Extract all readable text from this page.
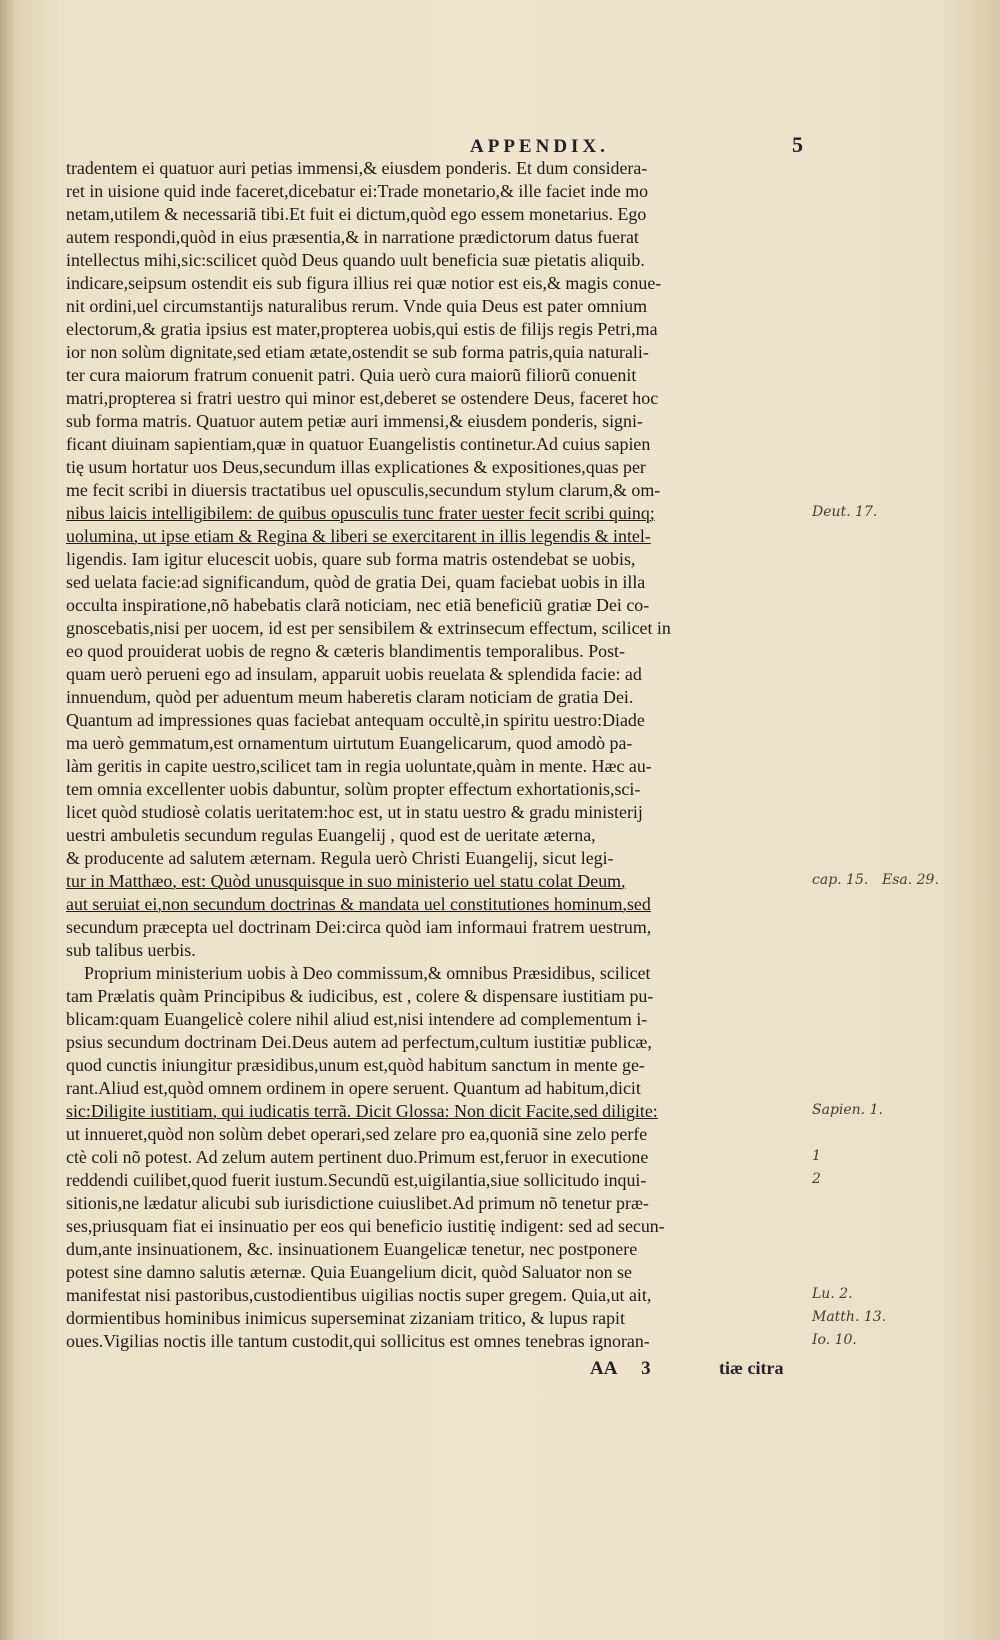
APPENDIX.	5
tradentem ei quatuor auri petias immensi,& eiusdem ponderis. Et dum considera-
ret in uisione quid inde faceret,dicebatur ei:Trade monetario,& ille faciet inde mo
netam,utilem & necessariã tibi.Et fuit ei dictum,quòd ego essem monetarius. Ego
autem respondi,quòd in eius præsentia,& in narratione prædictorum datus fuerat
intellectus mihi,sic:scilicet quòd Deus quando uult beneficia suæ pietatis aliquib.
indicare,seipsum ostendit eis sub figura illius rei quæ notior est eis,& magis conue-
nit ordini,uel circumstantijs naturalibus rerum. Vnde quia Deus est pater omnium
electorum,& gratia ipsius est mater,propterea uobis,qui estis de filijs regis Petri,ma
ior non solùm dignitate,sed etiam ætate,ostendit se sub forma patris,quia naturali-
ter cura maiorum fratrum conuenit patri. Quia uerò cura maiorũ filiorũ conuenit
matri,propterea si fratri uestro qui minor est,deberet se ostendere Deus, faceret hoc
sub forma matris. Quatuor autem petiæ auri immensi,& eiusdem ponderis, signi-
ficant diuinam sapientiam,quæ in quatuor Euangelistis continetur.Ad cuius sapien
tię usum hortatur uos Deus,secundum illas explicationes & expositiones,quas per
me fecit scribi in diuersis tractatibus uel opusculis,secundum stylum clarum,& om-
nibus laicis intelligibilem: de quibus opusculis tunc frater uester fecit scribi quinq;
uolumina, ut ipse etiam & Regina & liberi se exercitarent in illis legendis & intel-
ligendis. Iam igitur elucescit uobis, quare sub forma matris ostendebat se uobis,
sed uelata facie:ad significandum, quòd de gratia Dei, quam faciebat uobis in illa
occulta inspiratione,nõ habebatis clarã noticiam, nec etiã beneficiũ gratiæ Dei co-
gnoscebatis,nisi per uocem, id est per sensibilem & extrinsecum effectum, scilicet in
eo quod prouiderat uobis de regno & cæteris blandimentis temporalibus. Post-
quam uerò perueni ego ad insulam, apparuit uobis reuelata & splendida facie: ad
innuendum, quòd per aduentum meum haberetis claram noticiam de gratia Dei.
Quantum ad impressiones quas faciebat antequam occultè,in spiritu uestro:Diade
ma uerò gemmatum,est ornamentum uirtutum Euangelicarum, quod amodò pa-
làm geritis in capite uestro,scilicet tam in regia uoluntate,quàm in mente. Hæc au-
tem omnia excellenter uobis dabuntur, solùm propter effectum exhortationis,sci-
licet quòd studiosè colatis ueritatem:hoc est, ut in statu uestro & gradu ministerij
uestri ambuletis secundum regulas Euangelij , quod est de ueritate æterna,
& producente ad salutem æternam. Regula uerò Christi Euangelij, sicut legi-
tur in Matthæo, est: Quòd unusquisque in suo ministerio uel statu colat Deum,
aut seruiat ei,non secundum doctrinas & mandata uel constitutiones hominum,sed
secundum præcepta uel doctrinam Dei:circa quòd iam informaui fratrem uestrum,
sub talibus uerbis.
Proprium ministerium uobis à Deo commissum,& omnibus Præsidibus, scilicet
tam Prælatis quàm Principibus & iudicibus, est , colere & dispensare iustitiam pu-
blicam:quam Euangelicè colere nihil aliud est,nisi intendere ad complementum i-
psius secundum doctrinam Dei.Deus autem ad perfectum,cultum iustitiæ publicæ,
quod cunctis iniungitur præsidibus,unum est,quòd habitum sanctum in mente ge-
rant.Aliud est,quòd omnem ordinem in opere seruent. Quantum ad habitum,dicit
sic:Diligite iustitiam, qui iudicatis terrã. Dicit Glossa: Non dicit Facite,sed diligite:
ut innueret,quòd non solùm debet operari,sed zelare pro ea,quoniã sine zelo perfe
ctè coli nõ potest. Ad zelum autem pertinent duo.Primum est,feruor in executione
reddendi cuilibet,quod fuerit iustum.Secundũ est,uigilantia,siue sollicitudo inqui-
sitionis,ne lædatur alicubi sub iurisdictione cuiuslibet.Ad primum nõ tenetur præ-
ses,priusquam fiat ei insinuatio per eos qui beneficio iustitię indigent: sed ad secun-
dum,ante insinuationem, &c. insinuationem Euangelicæ tenetur, nec postponere
potest sine damno salutis æternæ. Quia Euangelium dicit, quòd Saluator non se
manifestat nisi pastoribus,custodientibus uigilias noctis super gregem. Quia,ut ait,
dormientibus hominibus inimicus superseminat zizaniam tritico, & lupus rapit
oues.Vigilias noctis ille tantum custodit,qui sollicitus est omnes tenebras ignoran-
Deut. 17.
cap. 15. Esa. 29.
Sapien. 1.
1
2
Lu. 2.
Matth. 13.
Io. 10.
AA 3	tiæ citra
